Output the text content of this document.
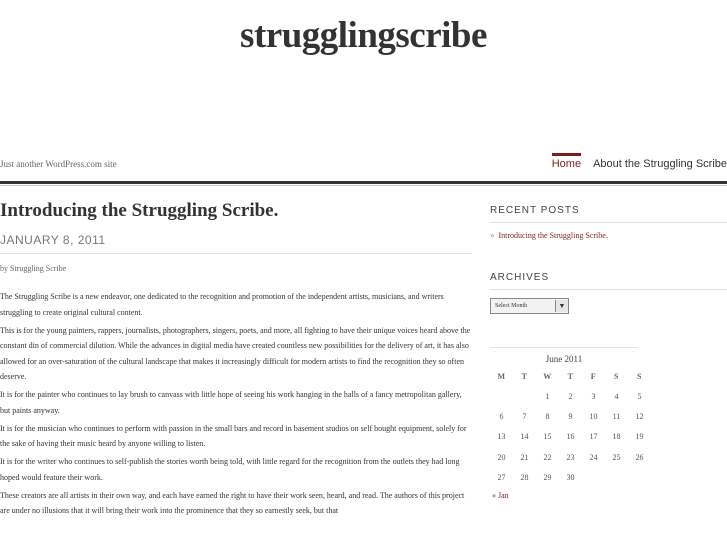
strugglingscribe
Just another WordPress.com site	Home About the Struggling Scribe
Introducing the Struggling Scribe.
JANUARY 8, 2011
by Struggling Scribe

The Struggling Scribe is a new endeavor, one dedicated to the recognition and promotion of the independent artists, musicians, and writers struggling to create original cultural content.

This is for the young painters, rappers, journalists, photographers, singers, poets, and more, all fighting to have their unique voices heard above the constant din of commercial dilution. While the advances in digital media have created countless new possibilities for the delivery of art, it has also allowed for an over-saturation of the cultural landscape that makes it increasingly difficult for modern artists to find the recognition they so often deserve.

It is for the painter who continues to lay brush to canvass with little hope of seeing his work hanging in the halls of a fancy metropolitan gallery, but paints anyway.

It is for the musician who continues to perform with passion in the small bars and record in basement studios on self bought equipment, solely for the sake of having their music heard by anyone willing to listen.

It is for the writer who continues to self-publish the stories worth being told, with little regard for the recognition from the outlets they had long hoped would feature their work.

These creators are all artists in their own way, and each have earned the right to have their work seen, heard, and read. The authors of this project are under no illusions that it will bring their work into the prominence that they so earnestly seek, but that

RECENT POSTS
» Introducing the Struggling Scribe.
ARCHIVES
Select Month	▼
June 2011
M	T	W	T	F	S	S
		1	2	3	4	5
6	7	8	9	10	11	12
13	14	15	16	17	18	19
20	21	22	23	24	25	26
27	28	29	30			
« Jan
